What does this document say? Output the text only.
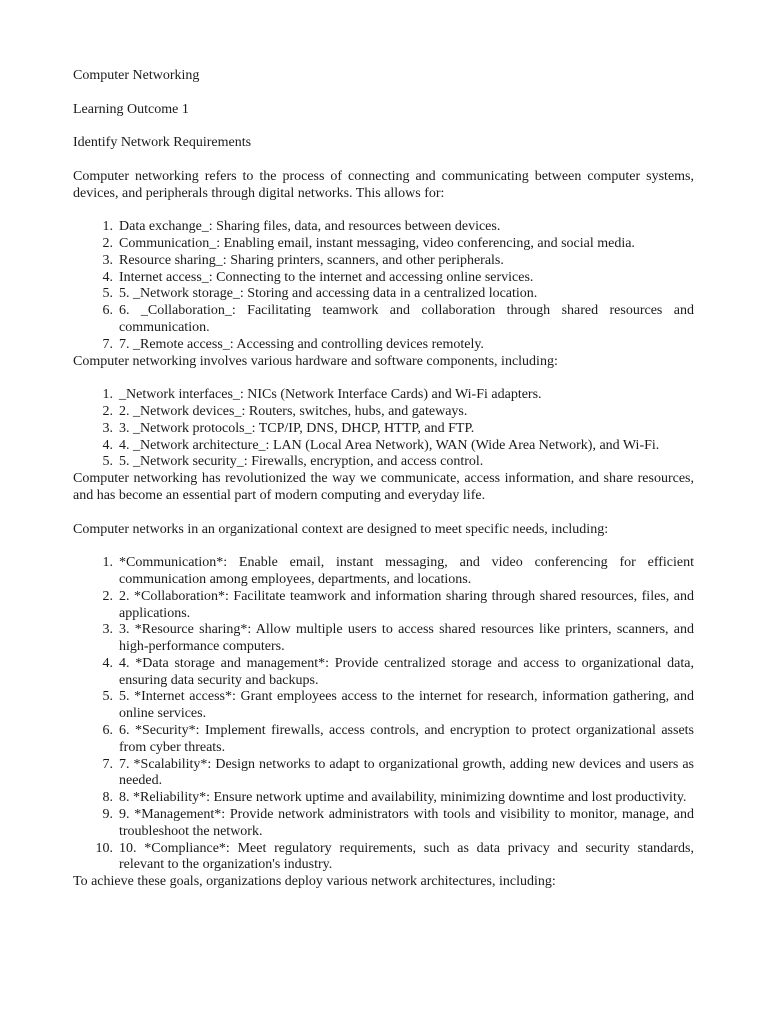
Computer Networking

Learning Outcome 1

Identify Network Requirements

Computer networking refers to the process of connecting and communicating between computer systems, devices, and peripherals through digital networks. This allows for:

1. Data exchange_: Sharing files, data, and resources between devices.
2. Communication_: Enabling email, instant messaging, video conferencing, and social media.
3. Resource sharing_: Sharing printers, scanners, and other peripherals.
4. Internet access_: Connecting to the internet and accessing online services.
5. 5. _Network storage_: Storing and accessing data in a centralized location.
6. 6. _Collaboration_: Facilitating teamwork and collaboration through shared resources and communication.
7. 7. _Remote access_: Accessing and controlling devices remotely.

Computer networking involves various hardware and software components, including:

1. _Network interfaces_: NICs (Network Interface Cards) and Wi-Fi adapters.
2. 2. _Network devices_: Routers, switches, hubs, and gateways.
3. 3. _Network protocols_: TCP/IP, DNS, DHCP, HTTP, and FTP.
4. 4. _Network architecture_: LAN (Local Area Network), WAN (Wide Area Network), and Wi-Fi.
5. 5. _Network security_: Firewalls, encryption, and access control.

Computer networking has revolutionized the way we communicate, access information, and share resources, and has become an essential part of modern computing and everyday life.

Computer networks in an organizational context are designed to meet specific needs, including:

1. *Communication*: Enable email, instant messaging, and video conferencing for efficient communication among employees, departments, and locations.
2. 2. *Collaboration*: Facilitate teamwork and information sharing through shared resources, files, and applications.
3. 3. *Resource sharing*: Allow multiple users to access shared resources like printers, scanners, and high-performance computers.
4. 4. *Data storage and management*: Provide centralized storage and access to organizational data, ensuring data security and backups.
5. 5. *Internet access*: Grant employees access to the internet for research, information gathering, and online services.
6. 6. *Security*: Implement firewalls, access controls, and encryption to protect organizational assets from cyber threats.
7. 7. *Scalability*: Design networks to adapt to organizational growth, adding new devices and users as needed.
8. 8. *Reliability*: Ensure network uptime and availability, minimizing downtime and lost productivity.
9. 9. *Management*: Provide network administrators with tools and visibility to monitor, manage, and troubleshoot the network.
10. 10. *Compliance*: Meet regulatory requirements, such as data privacy and security standards, relevant to the organization's industry.

To achieve these goals, organizations deploy various network architectures, including:
